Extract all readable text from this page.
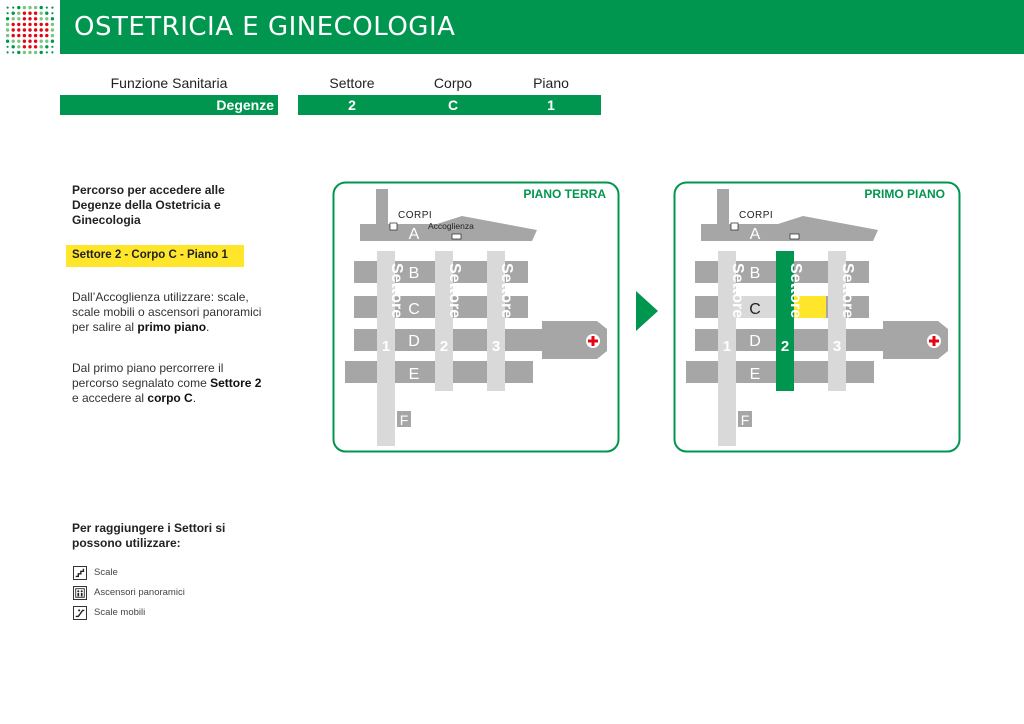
OSTETRICIA E GINECOLOGIA
Funzione Sanitaria	Settore	Corpo	Piano
Degenze	2	C	1
Percorso per accedere alle Degenze della Ostetricia e Ginecologia
Settore 2 - Corpo C - Piano 1
Dall’Accoglienza utilizzare: scale, scale mobili o ascensori panoramici per salire al primo piano.
Dal primo piano percorrere il percorso segnalato come Settore 2 e accedere al corpo C.
Per raggiungere i Settori si possono utilizzare:
Scale
Ascensori panoramici
Scale mobili
PIANO TERRA
CORPI
Accoglienza
A
B
C
D
E
F
Settore
1
Settore
2
Settore
3
PRIMO PIANO
CORPI
A
B
C
D
E
F
Settore
1
Settore
2
Settore
3
